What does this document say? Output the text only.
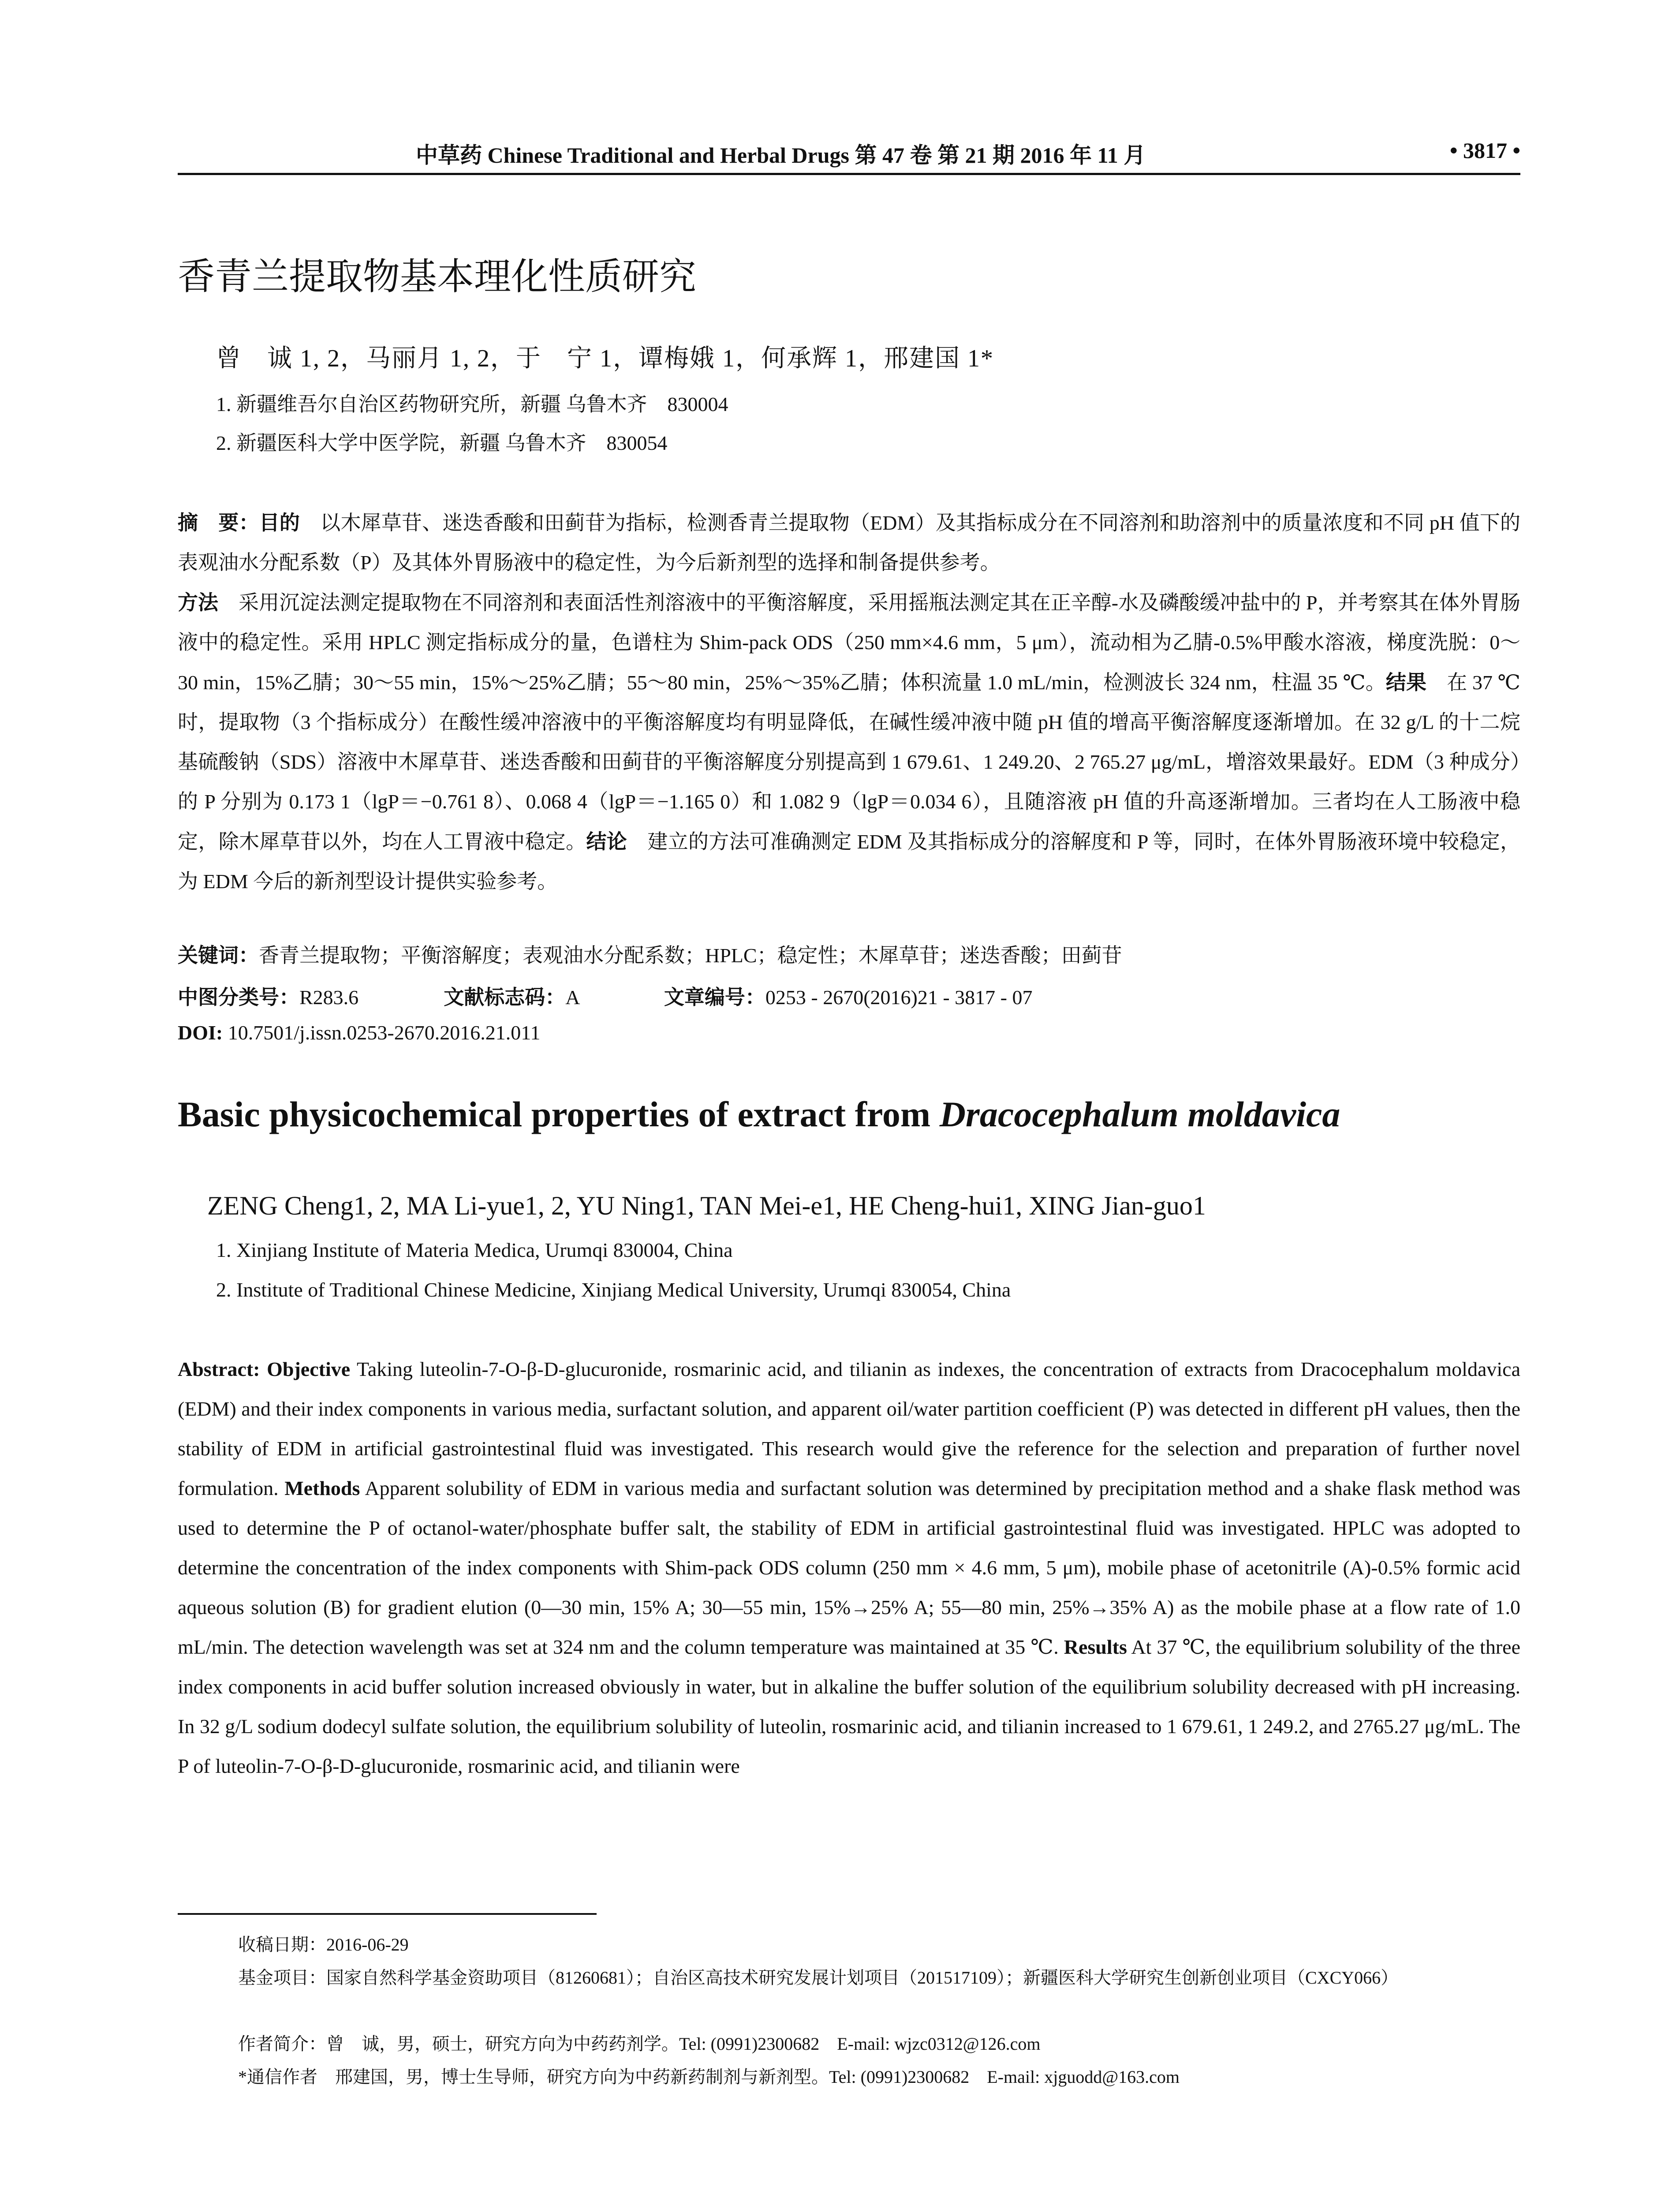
中草药 Chinese Traditional and Herbal Drugs 第 47 卷 第 21 期 2016 年 11 月	• 3817 •
香青兰提取物基本理化性质研究
曾　诚 1, 2，马丽月 1, 2，于　宁 1，谭梅娥 1，何承辉 1，邢建国 1*
1. 新疆维吾尔自治区药物研究所，新疆 乌鲁木齐　830004
2. 新疆医科大学中医学院，新疆 乌鲁木齐　830054
摘　要：目的　以木犀草苷、迷迭香酸和田蓟苷为指标，检测香青兰提取物（EDM）及其指标成分在不同溶剂和助溶剂中的质量浓度和不同 pH 值下的表观油水分配系数（P）及其体外胃肠液中的稳定性，为今后新剂型的选择和制备提供参考。
方法　采用沉淀法测定提取物在不同溶剂和表面活性剂溶液中的平衡溶解度，采用摇瓶法测定其在正辛醇-水及磷酸缓冲盐中的 P，并考察其在体外胃肠液中的稳定性。采用 HPLC 测定指标成分的量，色谱柱为 Shim-pack ODS（250 mm×4.6 mm，5 μm），流动相为乙腈-0.5%甲酸水溶液，梯度洗脱：0～30 min，15%乙腈；30～55 min，15%～25%乙腈；55～80 min，25%～35%乙腈；体积流量 1.0 mL/min，检测波长 324 nm，柱温 35 ℃。结果　在 37 ℃时，提取物（3 个指标成分）在酸性缓冲溶液中的平衡溶解度均有明显降低，在碱性缓冲液中随 pH 值的增高平衡溶解度逐渐增加。在 32 g/L 的十二烷基硫酸钠（SDS）溶液中木犀草苷、迷迭香酸和田蓟苷的平衡溶解度分别提高到 1 679.61、1 249.20、2 765.27 μg/mL，增溶效果最好。EDM（3 种成分）的 P 分别为 0.173 1（lgP＝−0.761 8）、0.068 4（lgP＝−1.165 0）和 1.082 9（lgP＝0.034 6），且随溶液 pH 值的升高逐渐增加。三者均在人工肠液中稳定，除木犀草苷以外，均在人工胃液中稳定。结论　建立的方法可准确测定 EDM 及其指标成分的溶解度和 P 等，同时，在体外胃肠液环境中较稳定，为 EDM 今后的新剂型设计提供实验参考。
关键词：香青兰提取物；平衡溶解度；表观油水分配系数；HPLC；稳定性；木犀草苷；迷迭香酸；田蓟苷
中图分类号：R283.6	文献标志码：A	文章编号：0253 - 2670(2016)21 - 3817 - 07
DOI: 10.7501/j.issn.0253-2670.2016.21.011
Basic physicochemical properties of extract from Dracocephalum moldavica
ZENG Cheng1, 2, MA Li-yue1, 2, YU Ning1, TAN Mei-e1, HE Cheng-hui1, XING Jian-guo1
1. Xinjiang Institute of Materia Medica, Urumqi 830004, China
2. Institute of Traditional Chinese Medicine, Xinjiang Medical University, Urumqi 830054, China
Abstract: Objective Taking luteolin-7-O-β-D-glucuronide, rosmarinic acid, and tilianin as indexes, the concentration of extracts from Dracocephalum moldavica (EDM) and their index components in various media, surfactant solution, and apparent oil/water partition coefficient (P) was detected in different pH values, then the stability of EDM in artificial gastrointestinal fluid was investigated. This research would give the reference for the selection and preparation of further novel formulation. Methods Apparent solubility of EDM in various media and surfactant solution was determined by precipitation method and a shake flask method was used to determine the P of octanol-water/phosphate buffer salt, the stability of EDM in artificial gastrointestinal fluid was investigated. HPLC was adopted to determine the concentration of the index components with Shim-pack ODS column (250 mm × 4.6 mm, 5 μm), mobile phase of acetonitrile (A)-0.5% formic acid aqueous solution (B) for gradient elution (0—30 min, 15% A; 30—55 min, 15%→25% A; 55—80 min, 25%→35% A) as the mobile phase at a flow rate of 1.0 mL/min. The detection wavelength was set at 324 nm and the column temperature was maintained at 35 ℃. Results At 37 ℃, the equilibrium solubility of the three index components in acid buffer solution increased obviously in water, but in alkaline the buffer solution of the equilibrium solubility decreased with pH increasing. In 32 g/L sodium dodecyl sulfate solution, the equilibrium solubility of luteolin, rosmarinic acid, and tilianin increased to 1 679.61, 1 249.2, and 2765.27 μg/mL. The P of luteolin-7-O-β-D-glucuronide, rosmarinic acid, and tilianin were
收稿日期：2016-06-29
基金项目：国家自然科学基金资助项目（81260681）；自治区高技术研究发展计划项目（201517109）；新疆医科大学研究生创新创业项目（CXCY066）
作者简介：曾　诚，男，硕士，研究方向为中药药剂学。Tel: (0991)2300682　E-mail: wjzc0312@126.com
*通信作者　邢建国，男，博士生导师，研究方向为中药新药制剂与新剂型。Tel: (0991)2300682　E-mail: xjguodd@163.com
